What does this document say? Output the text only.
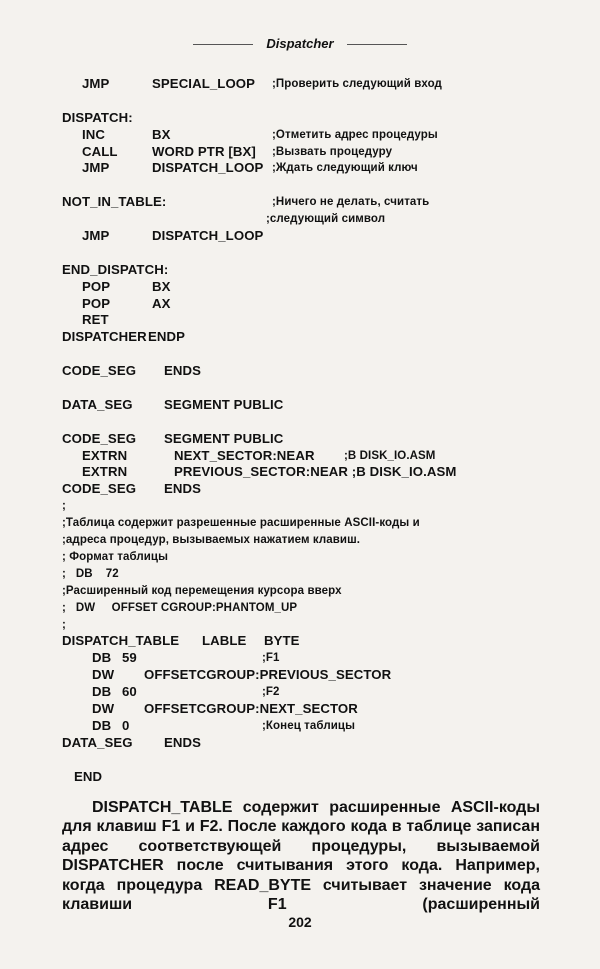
Dispatcher
JMP	SPECIAL_LOOP ;Проверить следующий вход
DISPATCH:
INC	BX	;Отметить адрес процедуры
CALL	WORD PTR [BX] ;Вызвать процедуру
JMP	DISPATCH_LOOP ;Ждать следующий ключ
NOT_IN_TABLE:	;Ничего не делать, считать
;следующий символ
JMP	DISPATCH_LOOP
END_DISPATCH:
POP	BX
POP	AX
RET
DISPATCHER ENDP
CODE_SEG ENDS
DATA_SEG SEGMENT PUBLIC
CODE_SEG SEGMENT PUBLIC
EXTRN	NEXT_SECTOR:NEAR	;В DISK_IO.ASM
EXTRN	PREVIOUS_SECTOR:NEAR ;В DISK_IO.ASM
CODE_SEG ENDS
;
;Таблица содержит разрешенные расширенные ASCII-коды и
;адреса процедур, вызываемых нажатием клавиш.
; Формат таблицы
;   DB    72
;Расширенный код перемещения курсора вверх
;   DW     OFFSET CGROUP:PHANTOM_UP
;
DISPATCH_TABLE LABLE BYTE
DB 59	;F1
DW OFFSETCGROUP:PREVIOUS_SECTOR
DB 60	;F2
DW OFFSETCGROUP:NEXT_SECTOR
DB 0	;Конец таблицы
DATA_SEG ENDS
END

DISPATCH_TABLE содержит расширенные ASCII-коды для клавиш F1 и F2. После каждого кода в таблице записан адрес соответствующей процедуры, вызываемой DISPATCHER после считывания этого кода. Например, когда процедура READ_BYTE считывает значение кода клавиши F1 (расширенный

202
